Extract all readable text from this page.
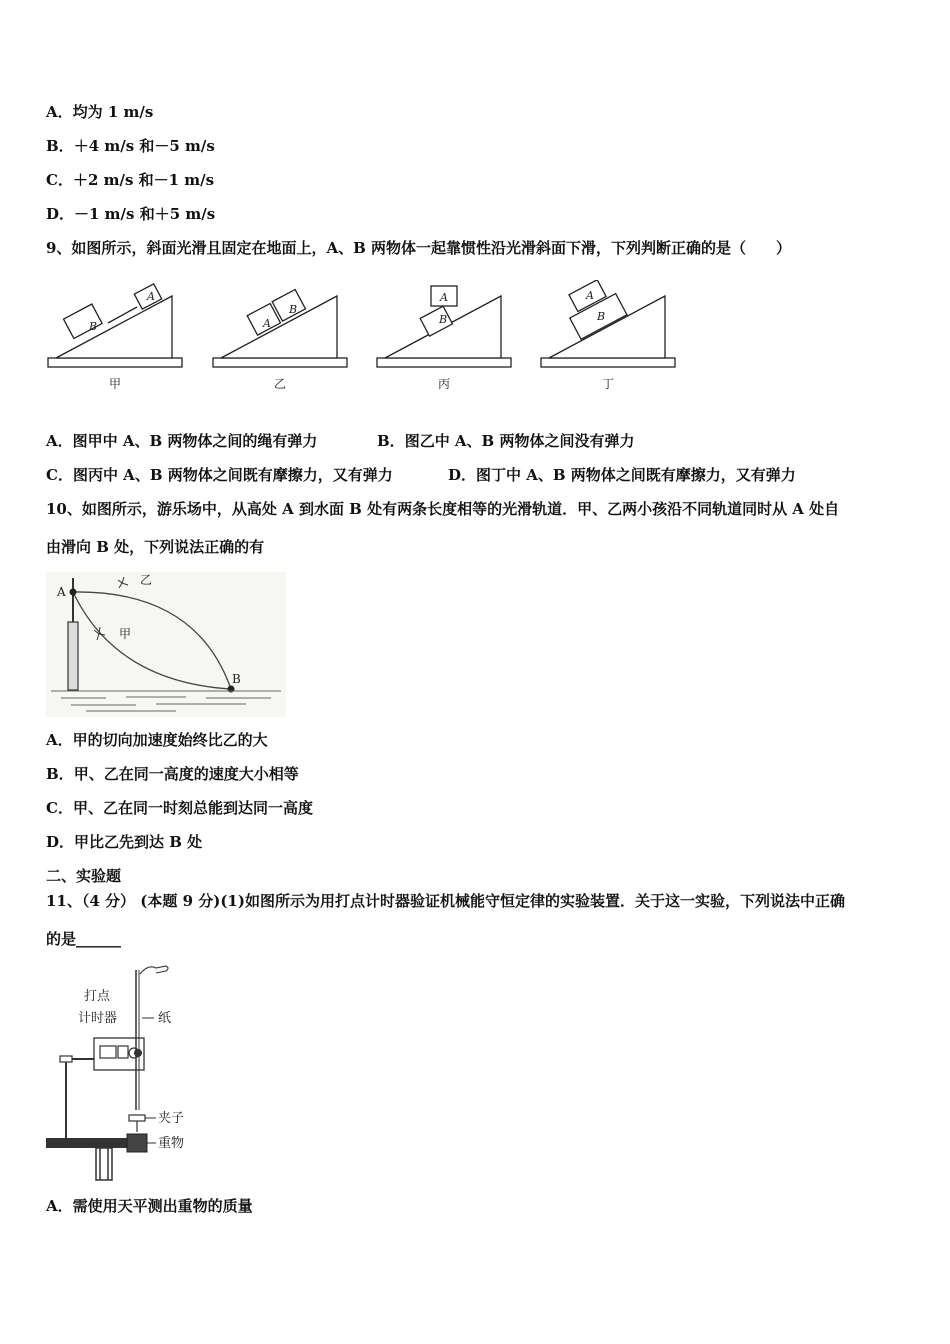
A．均为 1 m/s
B．＋4 m/s 和－5 m/s
C．＋2 m/s 和－1 m/s
D．－1 m/s 和＋5 m/s
9、如图所示，斜面光滑且固定在地面上，A、B 两物体一起靠惯性沿光滑斜面下滑，下列判断正确的是（　　）
B
A
A
B
B
A
B
A
甲	乙	丙	丁
A．图甲中 A、B 两物体之间的绳有弹力	B．图乙中 A、B 两物体之间没有弹力
C．图丙中 A、B 两物体之间既有摩擦力，又有弹力	D．图丁中 A、B 两物体之间既有摩擦力，又有弹力
10、如图所示，游乐场中，从高处 A 到水面 B 处有两条长度相等的光滑轨道．甲、乙两小孩沿不同轨道同时从 A 处自
由滑向 B 处，下列说法正确的有
A
B
乙
甲
A．甲的切向加速度始终比乙的大
B．甲、乙在同一高度的速度大小相等
C．甲、乙在同一时刻总能到达同一高度
D．甲比乙先到达 B 处
二、实验题
11、（4 分） (本题 9 分)(1)如图所示为用打点计时器验证机械能守恒定律的实验装置．关于这一实验，下列说法中正确
的是______
打点
计时器	纸
夹子
重物
A．需使用天平测出重物的质量
